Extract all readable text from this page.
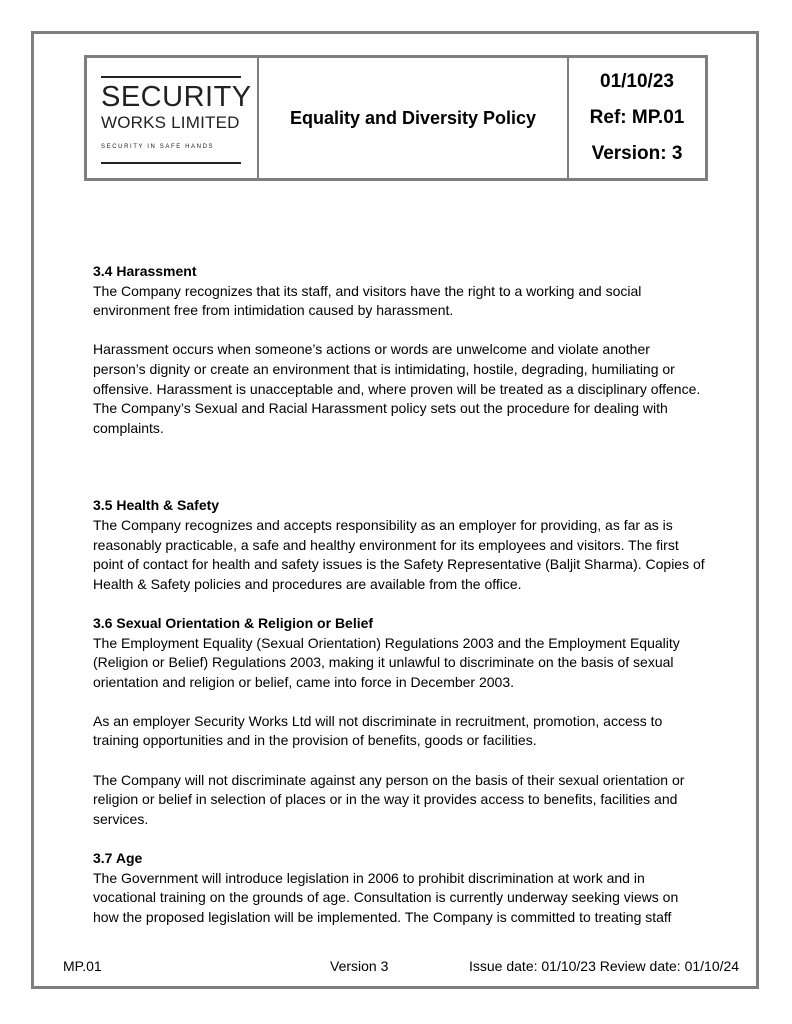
SECURITY
WORKS LIMITED
SECURITY IN SAFE HANDS
Equality and Diversity Policy
01/10/23
Ref: MP.01
Version: 3

3.4 Harassment

The Company recognizes that its staff, and visitors have the right to a working and social environment free from intimidation caused by harassment.

Harassment occurs when someone’s actions or words are unwelcome and violate another person’s dignity or create an environment that is intimidating, hostile, degrading, humiliating or offensive. Harassment is unacceptable and, where proven will be treated as a disciplinary offence. The Company’s Sexual and Racial Harassment policy sets out the procedure for dealing with complaints.

3.5 Health & Safety

The Company recognizes and accepts responsibility as an employer for providing, as far as is reasonably practicable, a safe and healthy environment for its employees and visitors. The first point of contact for health and safety issues is the Safety Representative (Baljit Sharma). Copies of Health & Safety policies and procedures are available from the office.

3.6 Sexual Orientation & Religion or Belief

The Employment Equality (Sexual Orientation) Regulations 2003 and the Employment Equality (Religion or Belief) Regulations 2003, making it unlawful to discriminate on the basis of sexual orientation and religion or belief, came into force in December 2003.

As an employer Security Works Ltd will not discriminate in recruitment, promotion, access to training opportunities and in the provision of benefits, goods or facilities.

The Company will not discriminate against any person on the basis of their sexual orientation or religion or belief in selection of places or in the way it provides access to benefits, facilities and services.

3.7 Age

The Government will introduce legislation in 2006 to prohibit discrimination at work and in vocational training on the grounds of age. Consultation is currently underway seeking views on how the proposed legislation will be implemented. The Company is committed to treating staff

MP.01	Version 3	Issue date: 01/10/23 Review date: 01/10/24
